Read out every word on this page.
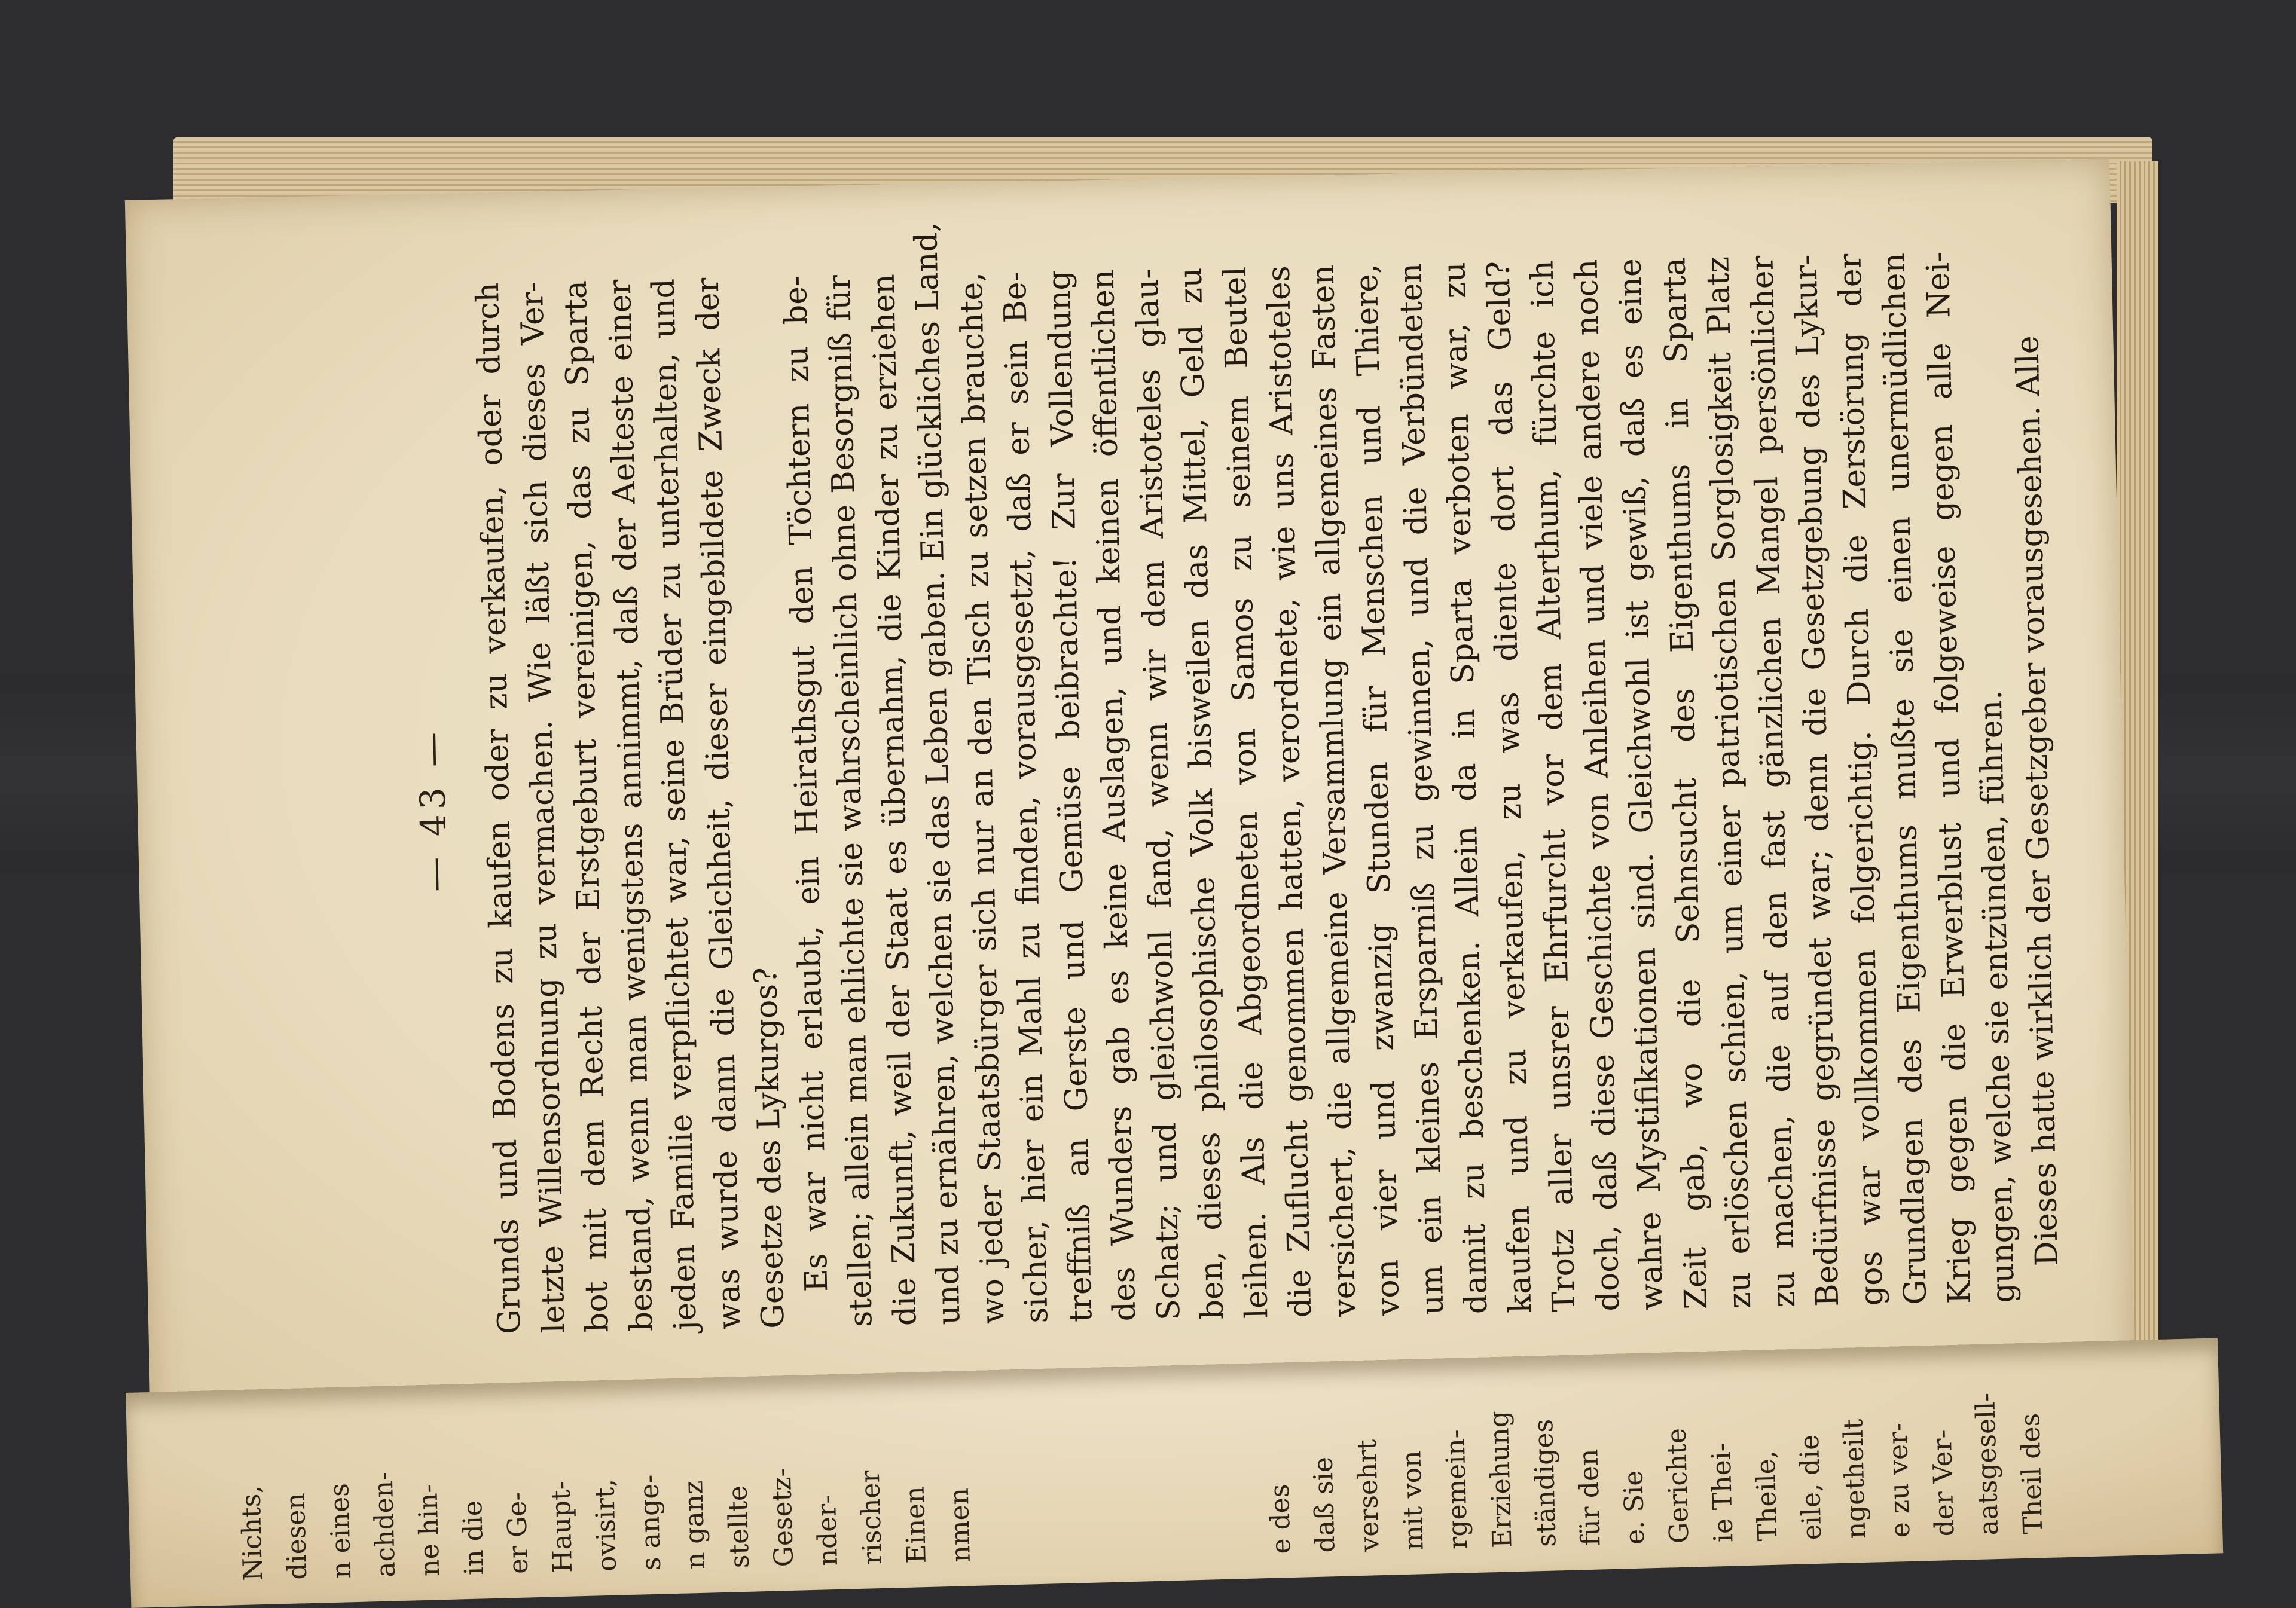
— 43 — Grunds und Bodens zu kaufen oder zu verkaufen, oder durch
letzte Willensordnung zu vermachen. Wie läßt sich dieses Ver-
bot mit dem Recht der Erstgeburt vereinigen, das zu Sparta
bestand, wenn man wenigstens annimmt, daß der Aelteste einer
jeden Familie verpflichtet war, seine Brüder zu unterhalten, und
was wurde dann die Gleichheit, dieser eingebildete Zweck der Gesetze des Lykurgos?
Es war nicht erlaubt, ein Heirathsgut den Töchtern zu be-
stellen; allein man ehlichte sie wahrscheinlich ohne Besorgniß für
die Zukunft, weil der Staat es übernahm, die Kinder zu erziehen
und zu ernähren, welchen sie das Leben gaben. Ein glückliches Land,
wo jeder Staatsbürger sich nur an den Tisch zu setzen brauchte,
sicher, hier ein Mahl zu finden, vorausgesetzt, daß er sein Be-
treffniß an Gerste und Gemüse beibrachte! Zur Vollendung
des Wunders gab es keine Auslagen, und keinen öffentlichen
Schatz; und gleichwohl fand, wenn wir dem Aristoteles glau-
ben, dieses philosophische Volk bisweilen das Mittel, Geld zu
leihen. Als die Abgeordneten von Samos zu seinem Beutel
die Zuflucht genommen hatten, verordnete, wie uns Aristoteles
versichert, die allgemeine Versammlung ein allgemeines Fasten
von vier und zwanzig Stunden für Menschen und Thiere,
um ein kleines Ersparniß zu gewinnen, und die Verbündeten
damit zu beschenken. Allein da in Sparta verboten war, zu
kaufen und zu verkaufen, zu was diente dort das Geld?
Trotz aller unsrer Ehrfurcht vor dem Alterthum, fürchte ich
doch, daß diese Geschichte von Anleihen und viele andere noch
wahre Mystifikationen sind. Gleichwohl ist gewiß, daß es eine
Zeit gab, wo die Sehnsucht des Eigenthums in Sparta
zu erlöschen schien, um einer patriotischen Sorglosigkeit Platz
zu machen, die auf den fast gänzlichen Mangel persönlicher
Bedürfnisse gegründet war; denn die Gesetzgebung des Lykur-
gos war vollkommen folgerichtig. Durch die Zerstörung der
Grundlagen des Eigenthums mußte sie einen unermüdlichen
Krieg gegen die Erwerblust und folgeweise gegen alle Nei-
gungen, welche sie entzünden, führen.
Dieses hatte wirklich der Gesetzgeber vorausgesehen. Alle
Nichts, diesen n eines achden- ne hin- in die er Ge- Haupt- ovisirt, s ange- n ganz stellte Gesetz- nder- rischer Einen nmen	e des daß sie versehrt mit von rgemein- Erziehung ständiges für den e. Sie Gerichte ie Thei- Theile, eile, die ngetheilt e zu ver- der Ver- aatsgesell- Theil des
